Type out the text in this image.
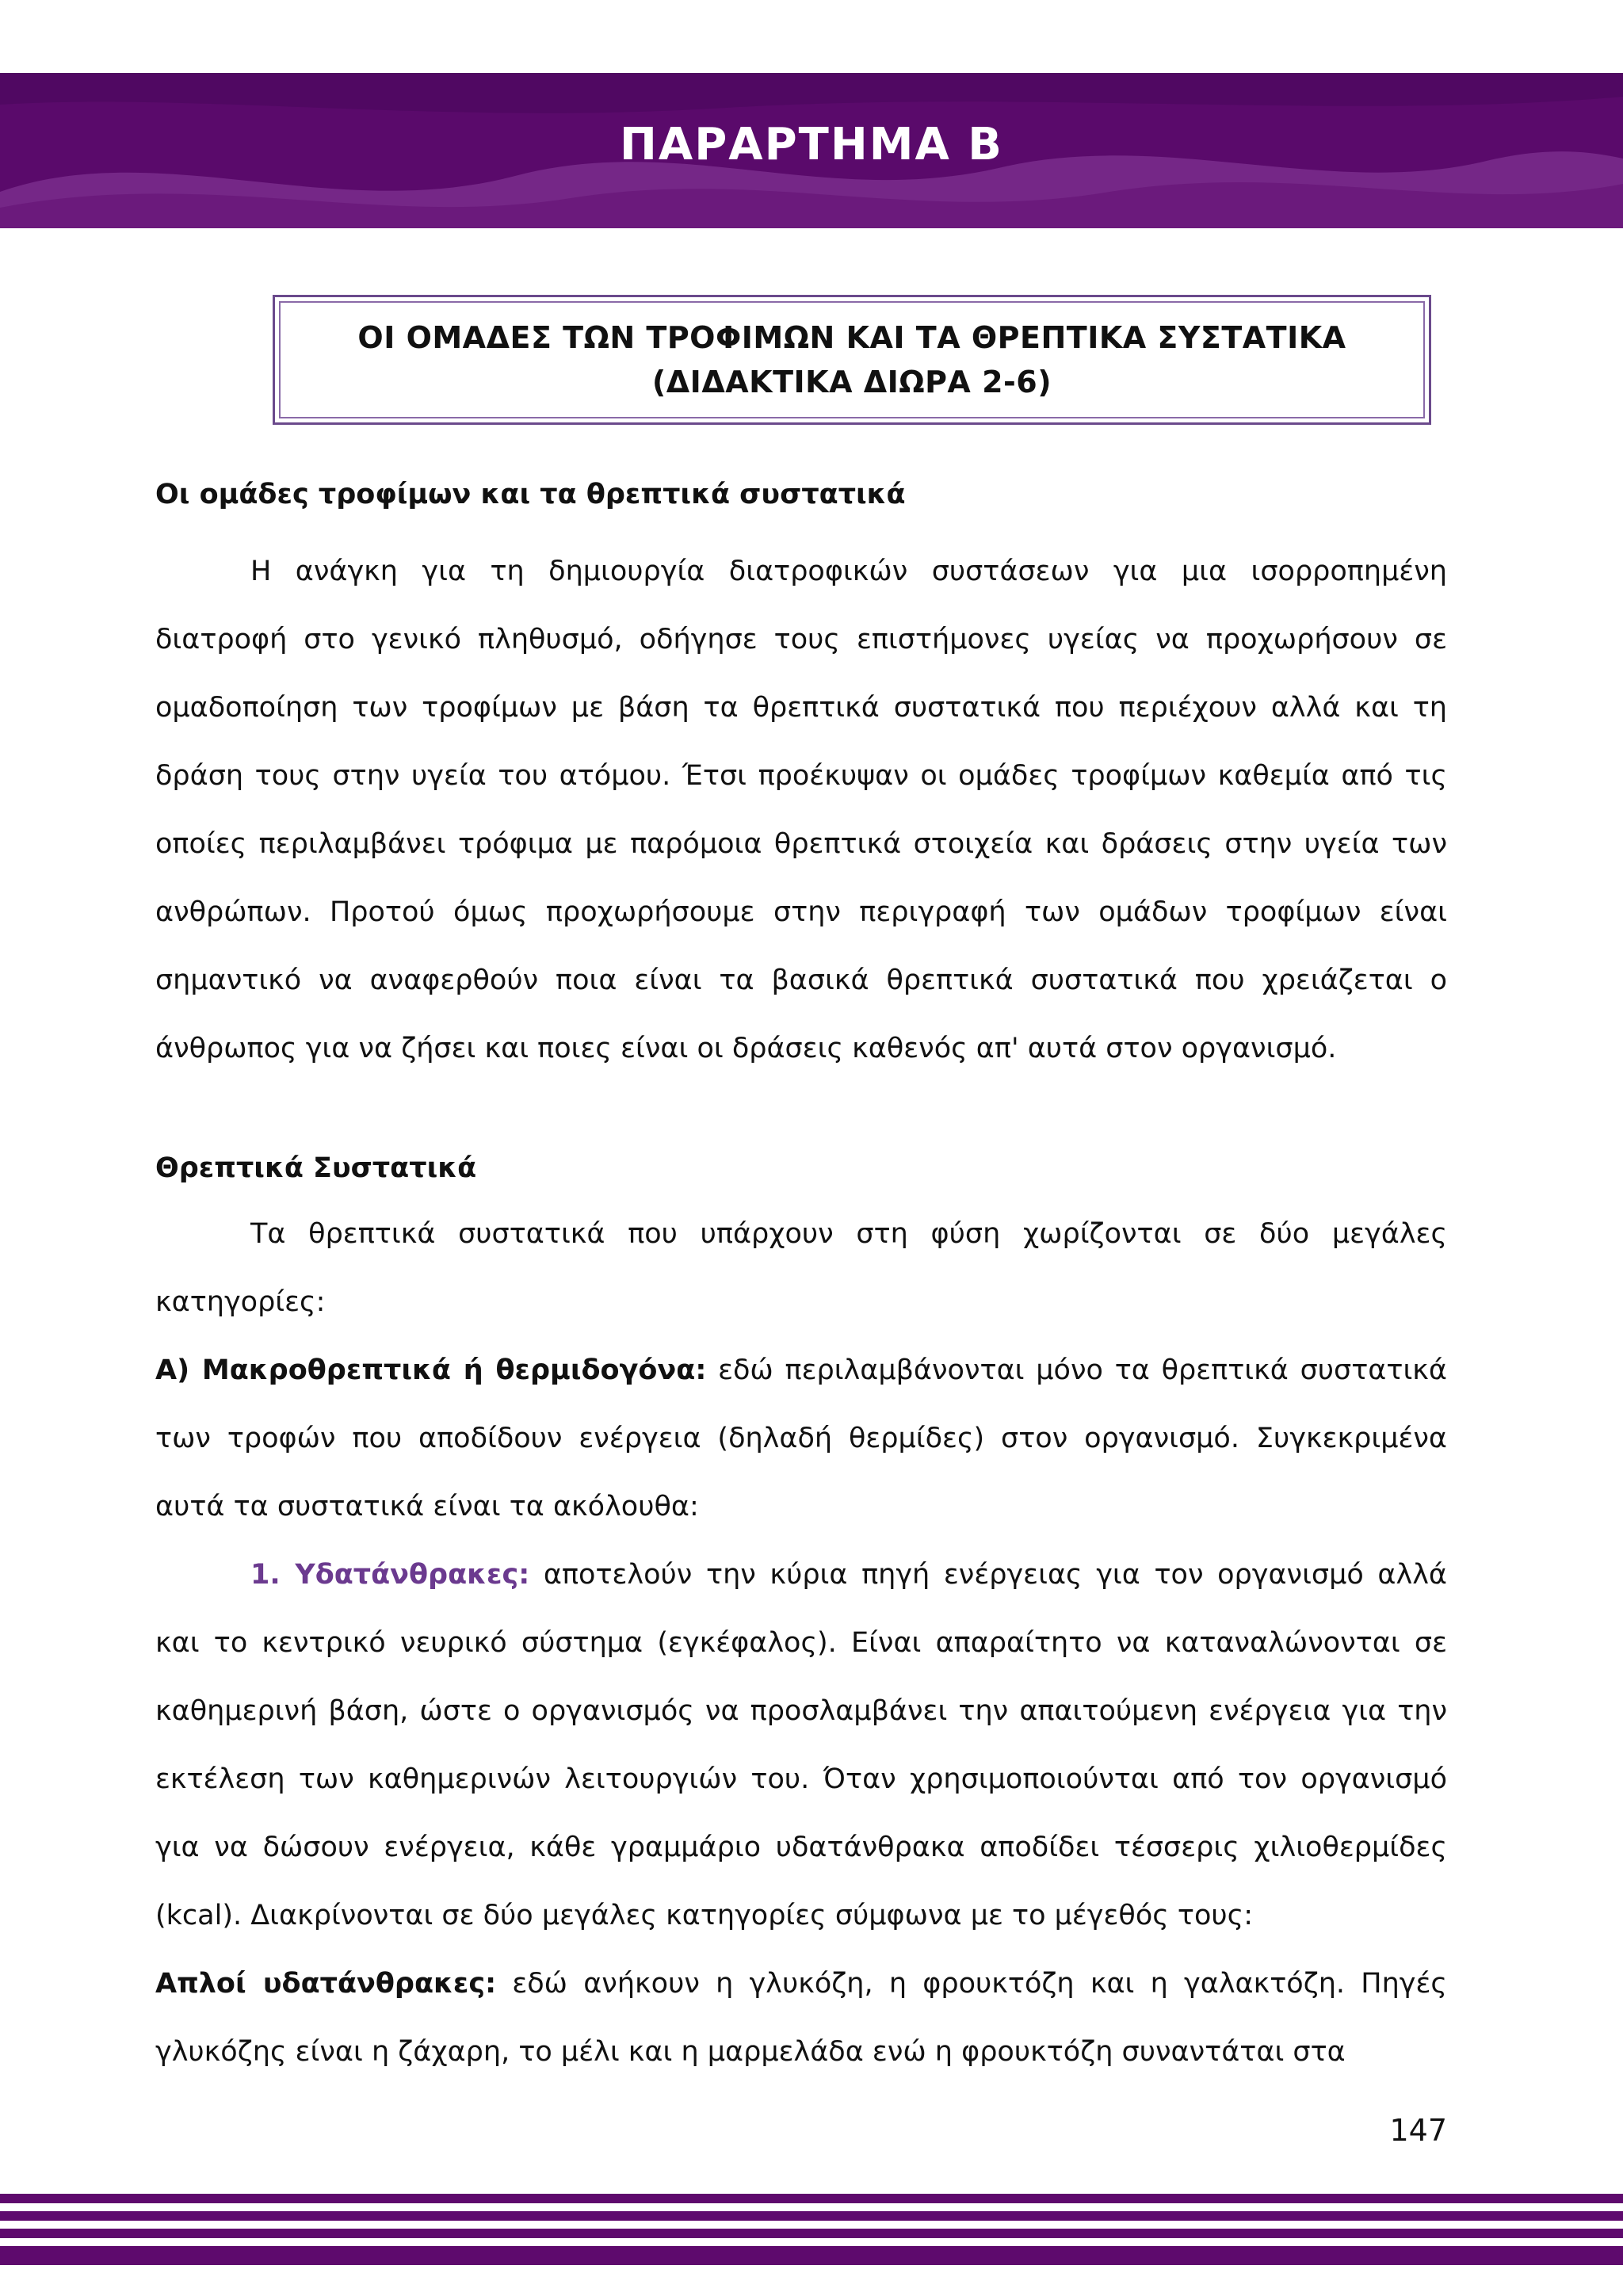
ΠΑΡΑΡΤΗΜΑ Β
ΟΙ ΟΜΑΔΕΣ ΤΩΝ ΤΡΟΦΙΜΩΝ ΚΑΙ ΤΑ ΘΡΕΠΤΙΚΑ ΣΥΣΤΑΤΙΚΑ
(ΔΙΔΑΚΤΙΚΑ ΔΙΩΡΑ 2-6)
Οι ομάδες τροφίμων και τα θρεπτικά συστατικά

Η ανάγκη για τη δημιουργία διατροφικών συστάσεων για μια ισορροπημένη διατροφή στο γενικό πληθυσμό, οδήγησε τους επιστήμονες υγείας να προχωρήσουν σε ομαδοποίηση των τροφίμων με βάση τα θρεπτικά συστατικά που περιέχουν αλλά και τη δράση τους στην υγεία του ατόμου. Έτσι προέκυψαν οι ομάδες τροφίμων καθεμία από τις οποίες περιλαμβάνει τρόφιμα με παρόμοια θρεπτικά στοιχεία και δράσεις στην υγεία των ανθρώπων. Προτού όμως προχωρήσουμε στην περιγραφή των ομάδων τροφίμων είναι σημαντικό να αναφερθούν ποια είναι τα βασικά θρεπτικά συστατικά που χρειάζεται ο άνθρωπος για να ζήσει και ποιες είναι οι δράσεις καθενός απ' αυτά στον οργανισμό.

Θρεπτικά Συστατικά

Τα θρεπτικά συστατικά που υπάρχουν στη φύση χωρίζονται σε δύο μεγάλες κατηγορίες:

Α) Μακροθρεπτικά ή θερμιδογόνα: εδώ περιλαμβάνονται μόνο τα θρεπτικά συστατικά των τροφών που αποδίδουν ενέργεια (δηλαδή θερμίδες) στον οργανισμό. Συγκεκριμένα αυτά τα συστατικά είναι τα ακόλουθα:

1. Υδατάνθρακες: αποτελούν την κύρια πηγή ενέργειας για τον οργανισμό αλλά και το κεντρικό νευρικό σύστημα (εγκέφαλος). Είναι απαραίτητο να καταναλώνονται σε καθημερινή βάση, ώστε ο οργανισμός να προσλαμβάνει την απαιτούμενη ενέργεια για την εκτέλεση των καθημερινών λειτουργιών του. Όταν χρησιμοποιούνται από τον οργανισμό για να δώσουν ενέργεια, κάθε γραμμάριο υδατάνθρακα αποδίδει τέσσερις χιλιοθερμίδες (kcal). Διακρίνονται σε δύο μεγάλες κατηγορίες σύμφωνα με το μέγεθός τους:

Απλοί υδατάνθρακες: εδώ ανήκουν η γλυκόζη, η φρουκτόζη και η γαλακτόζη. Πηγές γλυκόζης είναι η ζάχαρη, το μέλι και η μαρμελάδα ενώ η φρουκτόζη συναντάται στα

147
